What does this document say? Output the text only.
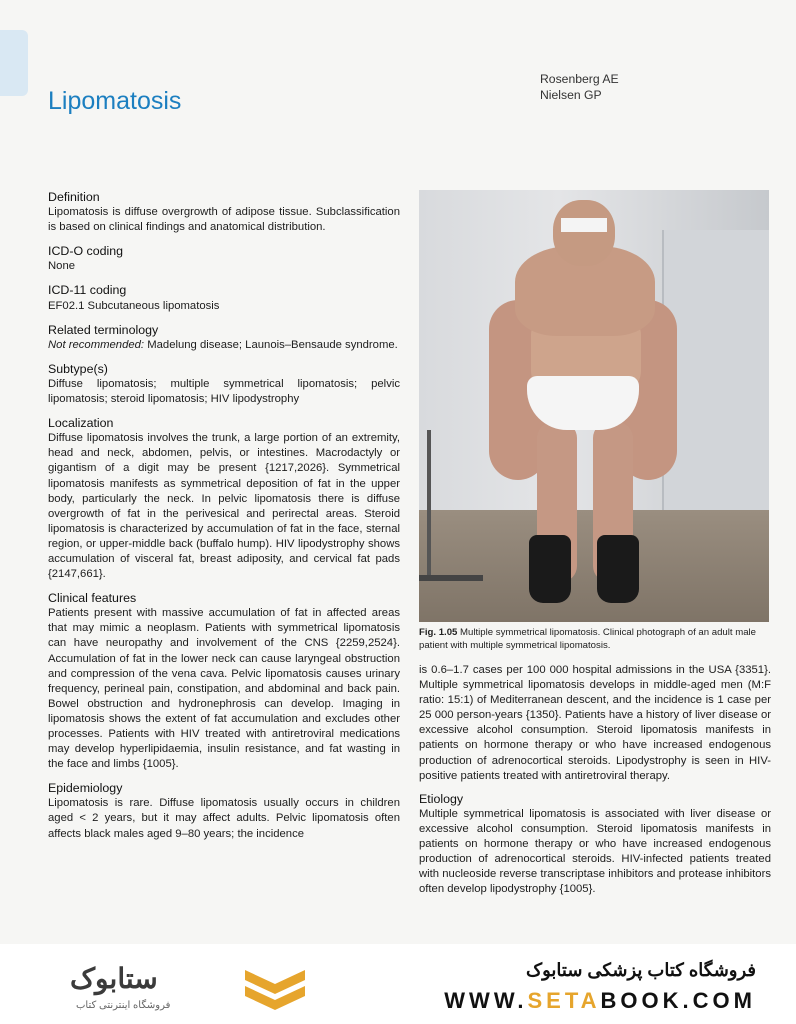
Lipomatosis
Rosenberg AE
Nielsen GP
Definition

Lipomatosis is diffuse overgrowth of adipose tissue. Subclassification is based on clinical findings and anatomical distribution.

ICD-O coding

None

ICD-11 coding

EF02.1 Subcutaneous lipomatosis

Related terminology

Not recommended: Madelung disease; Launois–Bensaude syndrome.

Subtype(s)

Diffuse lipomatosis; multiple symmetrical lipomatosis; pelvic lipomatosis; steroid lipomatosis; HIV lipodystrophy

Localization

Diffuse lipomatosis involves the trunk, a large portion of an extremity, head and neck, abdomen, pelvis, or intestines. Macrodactyly or gigantism of a digit may be present {1217,2026}. Symmetrical lipomatosis manifests as symmetrical deposition of fat in the upper body, particularly the neck. In pelvic lipomatosis there is diffuse overgrowth of fat in the perivesical and perirectal areas. Steroid lipomatosis is characterized by accumulation of fat in the face, sternal region, or upper-middle back (buffalo hump). HIV lipodystrophy shows accumulation of visceral fat, breast adiposity, and cervical fat pads {2147,661}.

Clinical features

Patients present with massive accumulation of fat in affected areas that may mimic a neoplasm. Patients with symmetrical lipomatosis can have neuropathy and involvement of the CNS {2259,2524}. Accumulation of fat in the lower neck can cause laryngeal obstruction and compression of the vena cava. Pelvic lipomatosis causes urinary frequency, perineal pain, constipation, and abdominal and back pain. Bowel obstruction and hydronephrosis can develop. Imaging in lipomatosis shows the extent of fat accumulation and excludes other processes. Patients with HIV treated with antiretroviral medications may develop hyperlipidaemia, insulin resistance, and fat wasting in the face and limbs {1005}.

Epidemiology

Lipomatosis is rare. Diffuse lipomatosis usually occurs in children aged < 2 years, but it may affect adults. Pelvic lipomatosis often affects black males aged 9–80 years; the incidence

Fig. 1.05 Multiple symmetrical lipomatosis. Clinical photograph of an adult male patient with multiple symmetrical lipomatosis.

is 0.6–1.7 cases per 100 000 hospital admissions in the USA {3351}. Multiple symmetrical lipomatosis develops in middle-aged men (M:F ratio: 15:1) of Mediterranean descent, and the incidence is 1 case per 25 000 person-years {1350}. Patients have a history of liver disease or excessive alcohol consumption. Steroid lipomatosis manifests in patients on hormone therapy or who have increased endogenous production of adrenocortical steroids. Lipodystrophy is seen in HIV-positive patients treated with antiretroviral therapy.

Etiology

Multiple symmetrical lipomatosis is associated with liver disease or excessive alcohol consumption. Steroid lipomatosis manifests in patients on hormone therapy or who have increased endogenous production of adrenocortical steroids. HIV-infected patients treated with nucleoside reverse transcriptase inhibitors and protease inhibitors often develop lipodystrophy {1005}.

ستابوک
فروشگاه اینترنتی کتاب
فروشگاه کتاب پزشکی ستابوک
WWW.SETABOOK.COM
